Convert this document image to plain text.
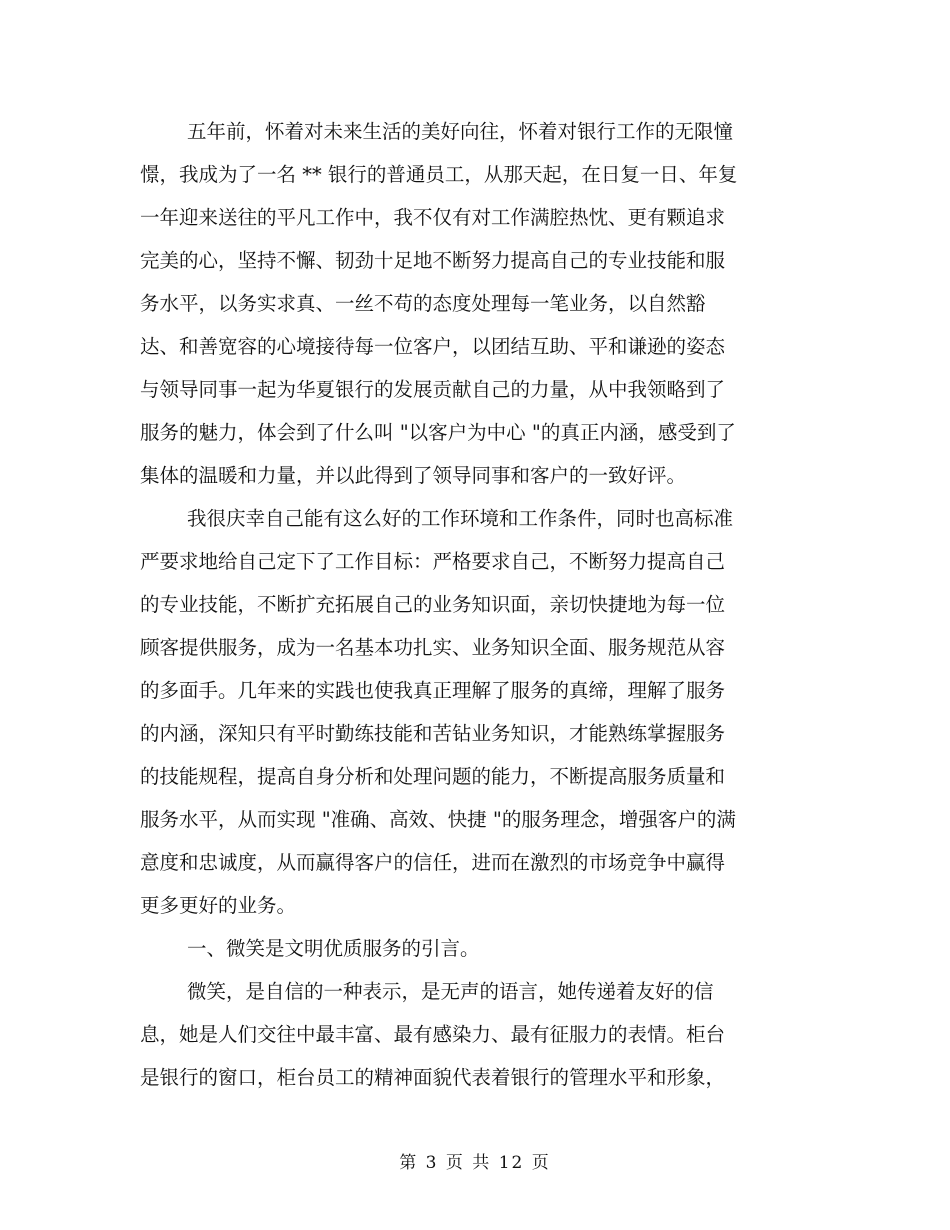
五年前，怀着对未来生活的美好向往，怀着对银行工作的无限憧
憬，我成为了一名 ** 银行的普通员工，从那天起，在日复一日、年复
一年迎来送往的平凡工作中，我不仅有对工作满腔热忱、更有颗追求
完美的心，坚持不懈、韧劲十足地不断努力提高自己的专业技能和服
务水平，以务实求真、一丝不苟的态度处理每一笔业务，以自然豁
达、和善宽容的心境接待每一位客户，以团结互助、平和谦逊的姿态
与领导同事一起为华夏银行的发展贡献自己的力量，从中我领略到了
服务的魅力，体会到了什么叫 "以客户为中心 "的真正内涵，感受到了
集体的温暖和力量，并以此得到了领导同事和客户的一致好评。
我很庆幸自己能有这么好的工作环境和工作条件，同时也高标准
严要求地给自己定下了工作目标：严格要求自己，不断努力提高自己
的专业技能，不断扩充拓展自己的业务知识面，亲切快捷地为每一位
顾客提供服务，成为一名基本功扎实、业务知识全面、服务规范从容
的多面手。几年来的实践也使我真正理解了服务的真缔，理解了服务
的内涵，深知只有平时勤练技能和苦钻业务知识，才能熟练掌握服务
的技能规程，提高自身分析和处理问题的能力，不断提高服务质量和
服务水平，从而实现 "准确、高效、快捷 "的服务理念，增强客户的满
意度和忠诚度，从而赢得客户的信任，进而在激烈的市场竞争中赢得
更多更好的业务。
一、微笑是文明优质服务的引言。
微笑，是自信的一种表示，是无声的语言，她传递着友好的信
息，她是人们交往中最丰富、最有感染力、最有征服力的表情。柜台
是银行的窗口，柜台员工的精神面貌代表着银行的管理水平和形象，
第 3 页 共 12 页
